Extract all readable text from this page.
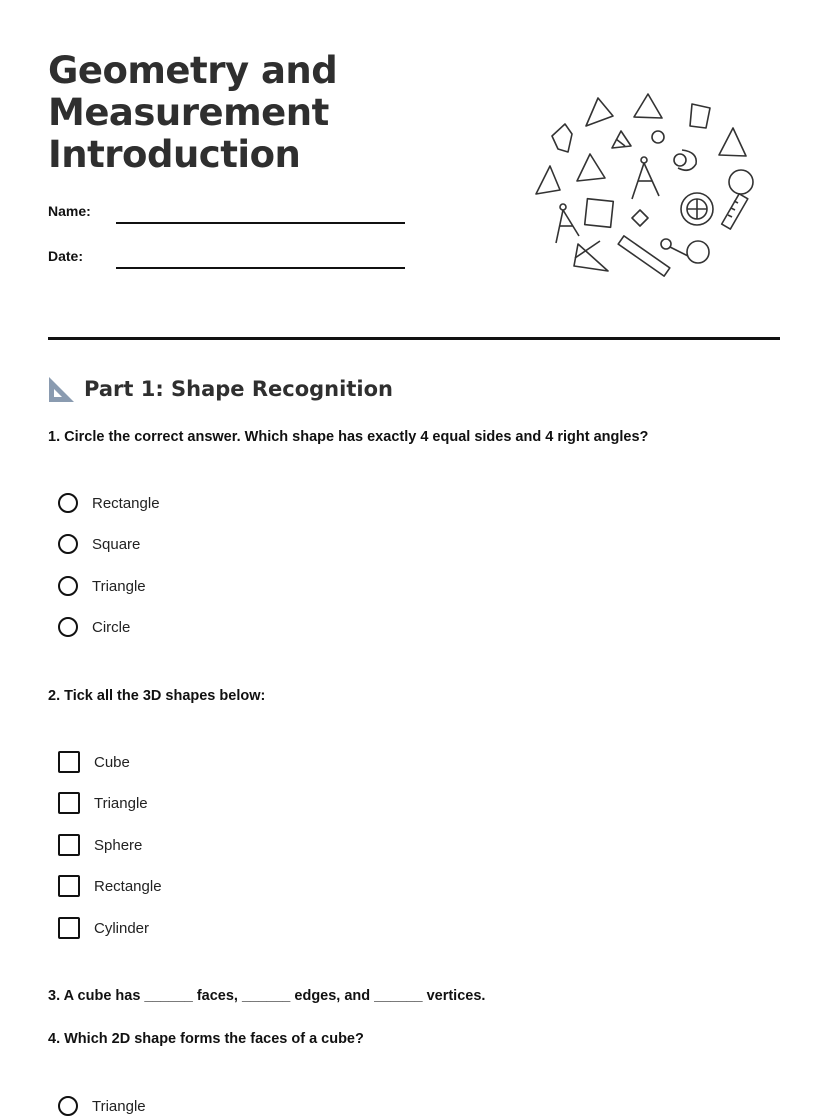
Geometry and
Measurement
Introduction
Name:
Date:
Part 1: Shape Recognition
1. Circle the correct answer. Which shape has exactly 4 equal sides and 4 right angles?
Rectangle
Square
Triangle
Circle
2. Tick all the 3D shapes below:
Cube
Triangle
Sphere
Rectangle
Cylinder
3. A cube has ______ faces, ______ edges, and ______ vertices.
4. Which 2D shape forms the faces of a cube?
Triangle
